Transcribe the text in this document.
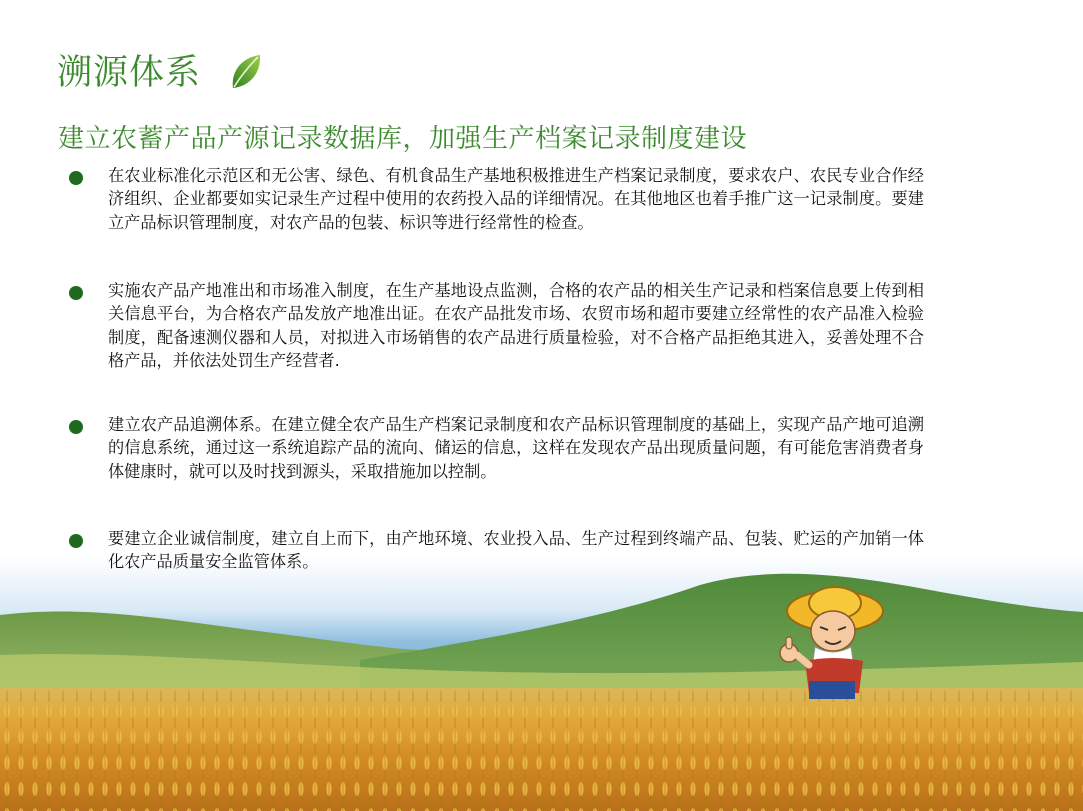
溯源体系
建立农蓄产品产源记录数据库，加强生产档案记录制度建设
在农业标准化示范区和无公害、绿色、有机食品生产基地积极推进生产档案记录制度，要求农户、农民专业合作经济组织、企业都要如实记录生产过程中使用的农药投入品的详细情况。在其他地区也着手推广这一记录制度。要建立产品标识管理制度，对农产品的包装、标识等进行经常性的检查。
实施农产品产地准出和市场准入制度，在生产基地设点监测，合格的农产品的相关生产记录和档案信息要上传到相关信息平台，为合格农产品发放产地准出证。在农产品批发市场、农贸市场和超市要建立经常性的农产品准入检验制度，配备速测仪器和人员，对拟进入市场销售的农产品进行质量检验，对不合格产品拒绝其进入，妥善处理不合格产品，并依法处罚生产经营者.
建立农产品追溯体系。在建立健全农产品生产档案记录制度和农产品标识管理制度的基础上，实现产品产地可追溯的信息系统，通过这一系统追踪产品的流向、储运的信息，这样在发现农产品出现质量问题，有可能危害消费者身体健康时，就可以及时找到源头，采取措施加以控制。
要建立企业诚信制度，建立自上而下，由产地环境、农业投入品、生产过程到终端产品、包装、贮运的产加销一体化农产品质量安全监管体系。
